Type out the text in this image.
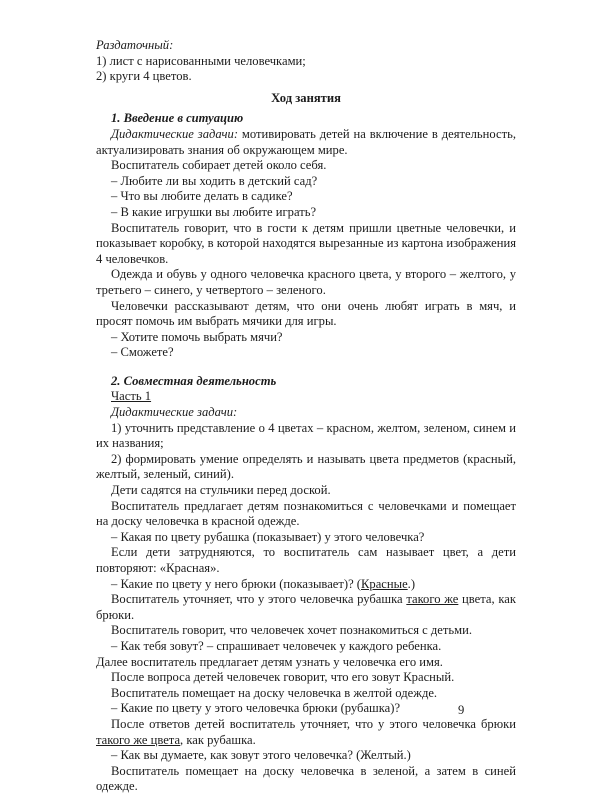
Раздаточный:

1) лист с нарисованными человечками;

2) круги 4 цветов.

Ход занятия

1. Введение в ситуацию

Дидактические задачи: мотивировать детей на включение в деятельность, актуализировать знания об окружающем мире.

Воспитатель собирает детей около себя.

– Любите ли вы ходить в детский сад?

– Что вы любите делать в садике?

– В какие игрушки вы любите играть?

Воспитатель говорит, что в гости к детям пришли цветные человечки, и показывает коробку, в которой находятся вырезанные из картона изображения 4 человечков.

Одежда и обувь у одного человечка красного цвета, у второго – желтого, у третьего – синего, у четвертого – зеленого.

Человечки рассказывают детям, что они очень любят играть в мяч, и просят помочь им выбрать мячики для игры.

– Хотите помочь выбрать мячи?

– Сможете?

2. Совместная деятельность

Часть 1

Дидактические задачи:

1) уточнить представление о 4 цветах – красном, желтом, зеленом, синем и их названия;

2) формировать умение определять и называть цвета предметов (красный, желтый, зеленый, синий).

Дети садятся на стульчики перед доской.

Воспитатель предлагает детям познакомиться с человечками и помещает на доску человечка в красной одежде.

– Какая по цвету рубашка (показывает) у этого человечка?

Если дети затрудняются, то воспитатель сам называет цвет, а дети повторяют: «Красная».

– Какие по цвету у него брюки (показывает)? (Красные.)

Воспитатель уточняет, что у этого человечка рубашка такого же цвета, как брюки.

Воспитатель говорит, что человечек хочет познакомиться с детьми.

– Как тебя зовут? – спрашивает человечек у каждого ребенка.

Далее воспитатель предлагает детям узнать у человечка его имя.

После вопроса детей человечек говорит, что его зовут Красный.

Воспитатель помещает на доску человечка в желтой одежде.

– Какие по цвету у этого человечка брюки (рубашка)?

После ответов детей воспитатель уточняет, что у этого человечка брюки такого же цвета, как рубашка.

– Как вы думаете, как зовут этого человечка? (Желтый.)

Воспитатель помещает на доску человечка в зеленой, а затем в синей одежде.

9
